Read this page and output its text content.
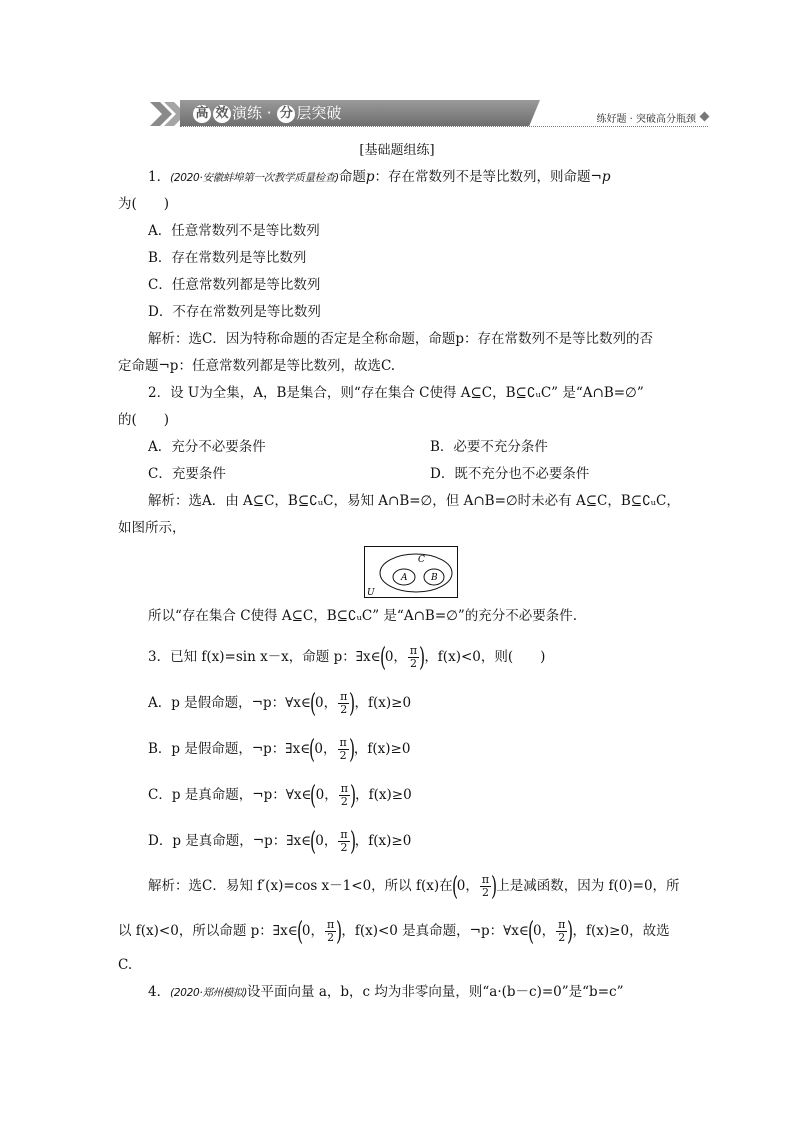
高 效 演练 · 分 层突破	练好题 · 突破高分瓶颈
[基础题组练]
1．(2020·安徽蚌埠第一次教学质量检查)命题p：存在常数列不是等比数列，则命题¬p
为(　　)
A．任意常数列不是等比数列
B．存在常数列是等比数列
C．任意常数列都是等比数列
D．不存在常数列是等比数列
解析：选C．因为特称命题的否定是全称命题，命题p：存在常数列不是等比数列的否
定命题¬p：任意常数列都是等比数列，故选C.
2．设 U为全集，A，B是集合，则“存在集合 C使得 A⊆C，B⊆∁ᵤC” 是“A∩B=∅”
的(　　)
A．充分不必要条件	B．必要不充分条件
C．充要条件	D．既不充分也不必要条件
解析：选A．由 A⊆C，B⊆∁ᵤC，易知 A∩B=∅，但 A∩B=∅时未必有 A⊆C，B⊆∁ᵤC，
如图所示，
U
C
A	B
所以“存在集合 C使得 A⊆C，B⊆∁ᵤC” 是“A∩B=∅”的充分不必要条件.
3．已知 f(x)=sin x－x，命题 p：∃x∈(0， $\frac{\pi}{2}$ )，f(x)<0，则(　　)
A．p 是假命题，¬p：∀x∈(0， $\frac{\pi}{2}$ )，f(x)≥0
B．p 是假命题，¬p：∃x∈(0， $\frac{\pi}{2}$ )，f(x)≥0
C．p 是真命题，¬p：∀x∈(0， $\frac{\pi}{2}$ )，f(x)≥0
D．p 是真命题，¬p：∃x∈(0， $\frac{\pi}{2}$ )，f(x)≥0
解析：选C．易知 f′(x)=cos x－1<0，所以 f(x)在(0， $\frac{\pi}{2}$ )上是减函数，因为 f(0)=0，所
以 f(x)<0，所以命题 p：∃x∈(0， $\frac{\pi}{2}$ )，f(x)<0 是真命题，¬p：∀x∈(0， $\frac{\pi}{2}$ )，f(x)≥0，故选
C.
4．(2020·郑州模拟)设平面向量 a，b，c 均为非零向量，则“a·(b－c)=0”是“b=c”
